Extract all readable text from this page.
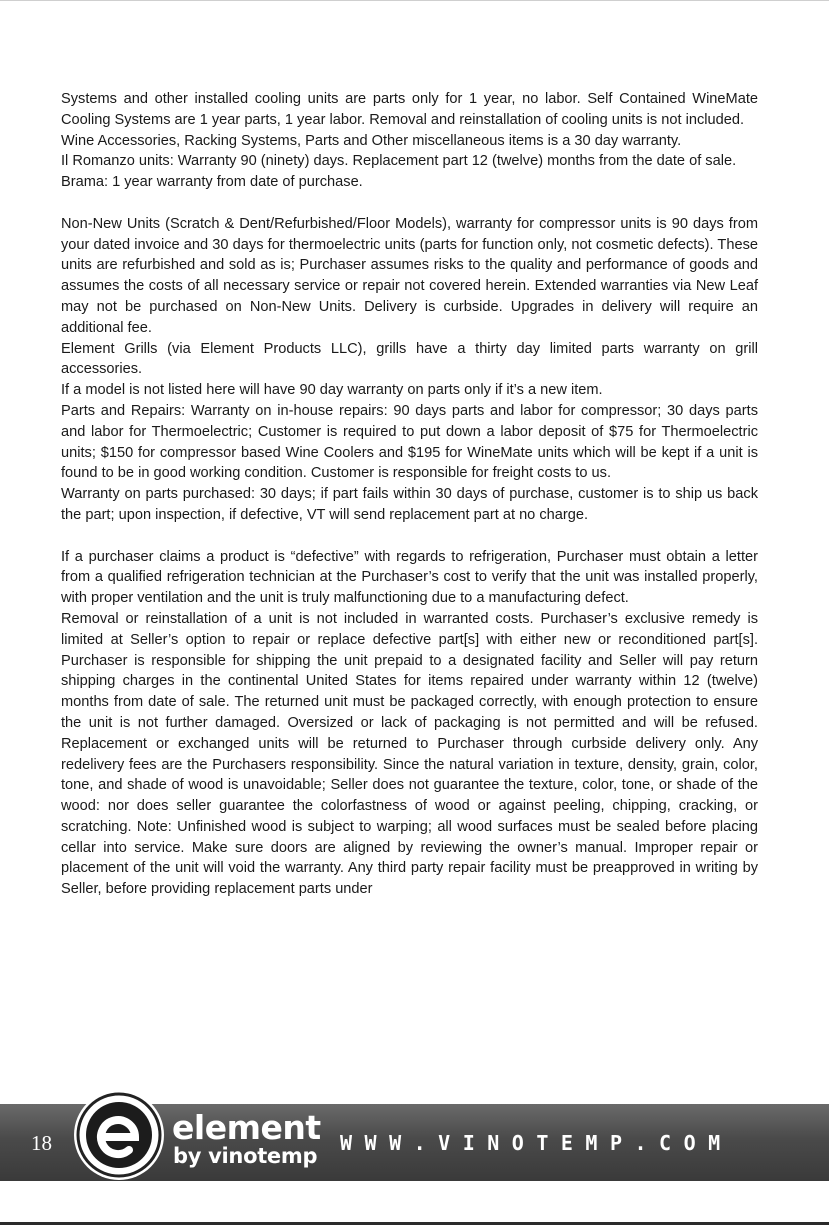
Systems and other installed cooling units are parts only for 1 year, no labor. Self Contained WineMate Cooling Systems are 1 year parts, 1 year labor. Removal and reinstallation of cooling units is not included.

Wine Accessories, Racking Systems, Parts and Other miscellaneous items is a 30 day warranty.

Il Romanzo units: Warranty 90 (ninety) days. Replacement part 12 (twelve) months from the date of sale.

Brama: 1 year warranty from date of purchase.

Non-New Units (Scratch & Dent/Refurbished/Floor Models), warranty for compressor units is 90 days from your dated invoice and 30 days for thermoelectric units (parts for function only, not cosmetic defects). These units are refurbished and sold as is; Purchaser assumes risks to the quality and performance of goods and assumes the costs of all necessary service or repair not covered herein. Extended warranties via New Leaf may not be purchased on Non-New Units. Delivery is curbside. Upgrades in delivery will require an additional fee.

Element Grills (via Element Products LLC), grills have a thirty day limited parts warranty on grill accessories.

If a model is not listed here will have 90 day warranty on parts only if it’s a new item.

Parts and Repairs: Warranty on in-house repairs: 90 days parts and labor for compressor; 30 days parts and labor for Thermoelectric; Customer is required to put down a labor deposit of $75 for Thermoelectric units; $150 for compressor based Wine Coolers and $195 for WineMate units which will be kept if a unit is found to be in good working condition. Customer is responsible for freight costs to us.

Warranty on parts purchased: 30 days; if part fails within 30 days of purchase, customer is to ship us back the part; upon inspection, if defective, VT will send replacement part at no charge.

If a purchaser claims a product is “defective” with regards to refrigeration, Purchaser must obtain a letter from a qualified refrigeration technician at the Purchaser’s cost to verify that the unit was installed properly, with proper ventilation and the unit is truly malfunctioning due to a manufacturing defect.

Removal or reinstallation of a unit is not included in warranted costs. Purchaser’s exclusive remedy is limited at Seller’s option to repair or replace defective part[s] with either new or reconditioned part[s]. Purchaser is responsible for shipping the unit prepaid to a designated facility and Seller will pay return shipping charges in the continental United States for items repaired under warranty within 12 (twelve) months from date of sale. The returned unit must be packaged correctly, with enough protection to ensure the unit is not further damaged. Oversized or lack of packaging is not permitted and will be refused. Replacement or exchanged units will be returned to Purchaser through curbside delivery only. Any redelivery fees are the Purchasers responsibility. Since the natural variation in texture, density, grain, color, tone, and shade of wood is unavoidable; Seller does not guarantee the texture, color, tone, or shade of the wood: nor does seller guarantee the colorfastness of wood or against peeling, chipping, cracking, or scratching. Note: Unfinished wood is subject to warping; all wood surfaces must be sealed before placing cellar into service. Make sure doors are aligned by reviewing the owner’s manual. Improper repair or placement of the unit will void the warranty. Any third party repair facility must be preapproved in writing by Seller, before providing replacement parts under

18	element
by vinotemp
WWW.VINOTEMP.COM
